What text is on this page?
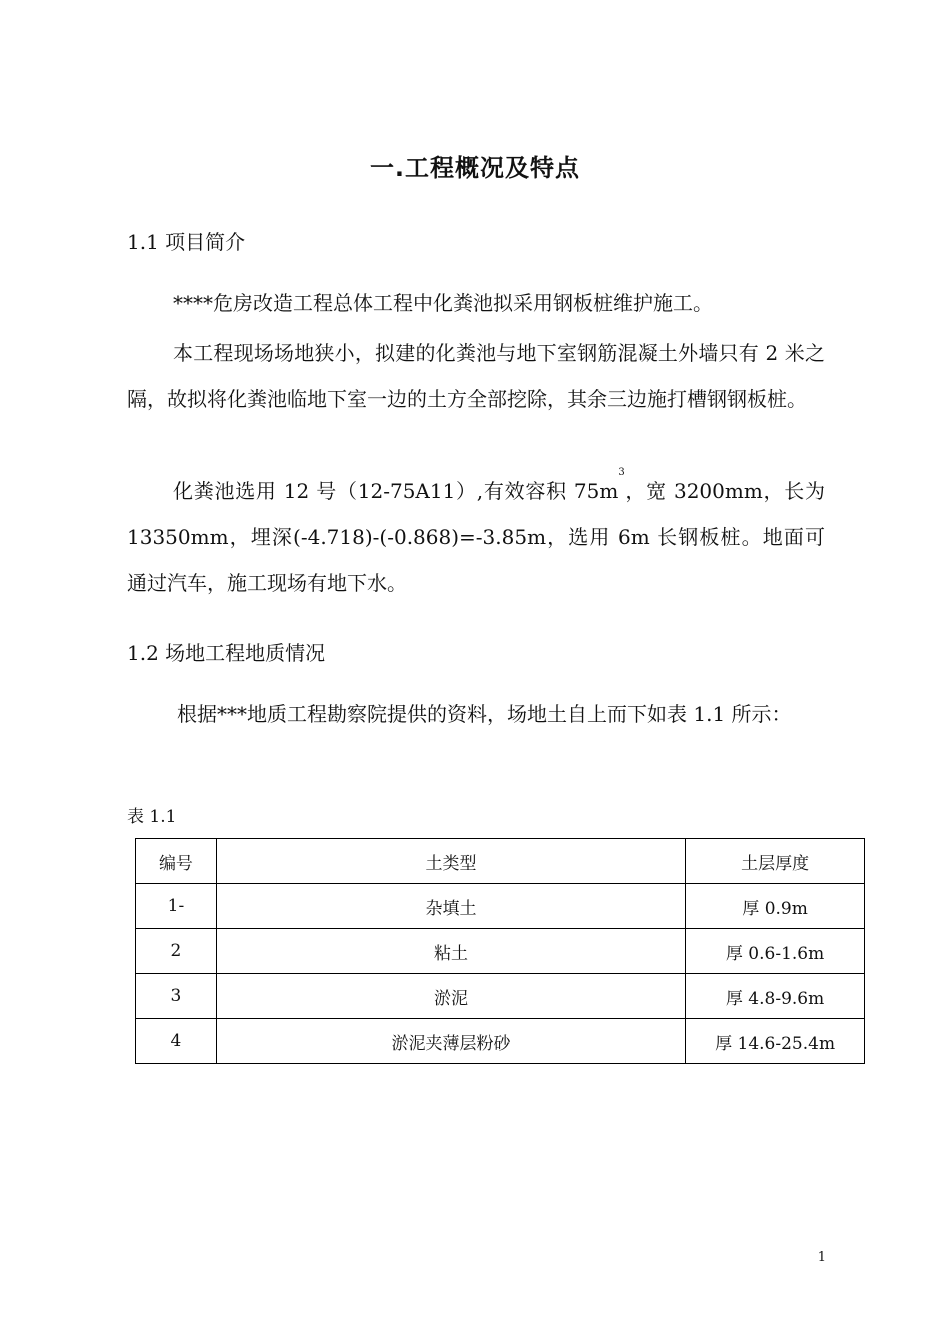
一.工程概况及特点
1.1 项目简介
****危房改造工程总体工程中化粪池拟采用钢板桩维护施工。
本工程现场场地狭小，拟建的化粪池与地下室钢筋混凝土外墙只有 2 米之隔，故拟将化粪池临地下室一边的土方全部挖除，其余三边施打槽钢钢板桩。
化粪池选用 12 号（12-75A11）,有效容积 $75m^3$，宽 3200mm，长为 13350mm，埋深(-4.718)-(-0.868)=-3.85m，选用 6m 长钢板桩。地面可通过汽车，施工现场有地下水。
1.2 场地工程地质情况
根据***地质工程勘察院提供的资料，场地土自上而下如表 1.1 所示：
表 1.1
编号	土类型	土层厚度
1-	杂填土	厚 0.9m
2	粘土	厚 0.6-1.6m
3	淤泥	厚 4.8-9.6m
4	淤泥夹薄层粉砂	厚 14.6-25.4m
1
